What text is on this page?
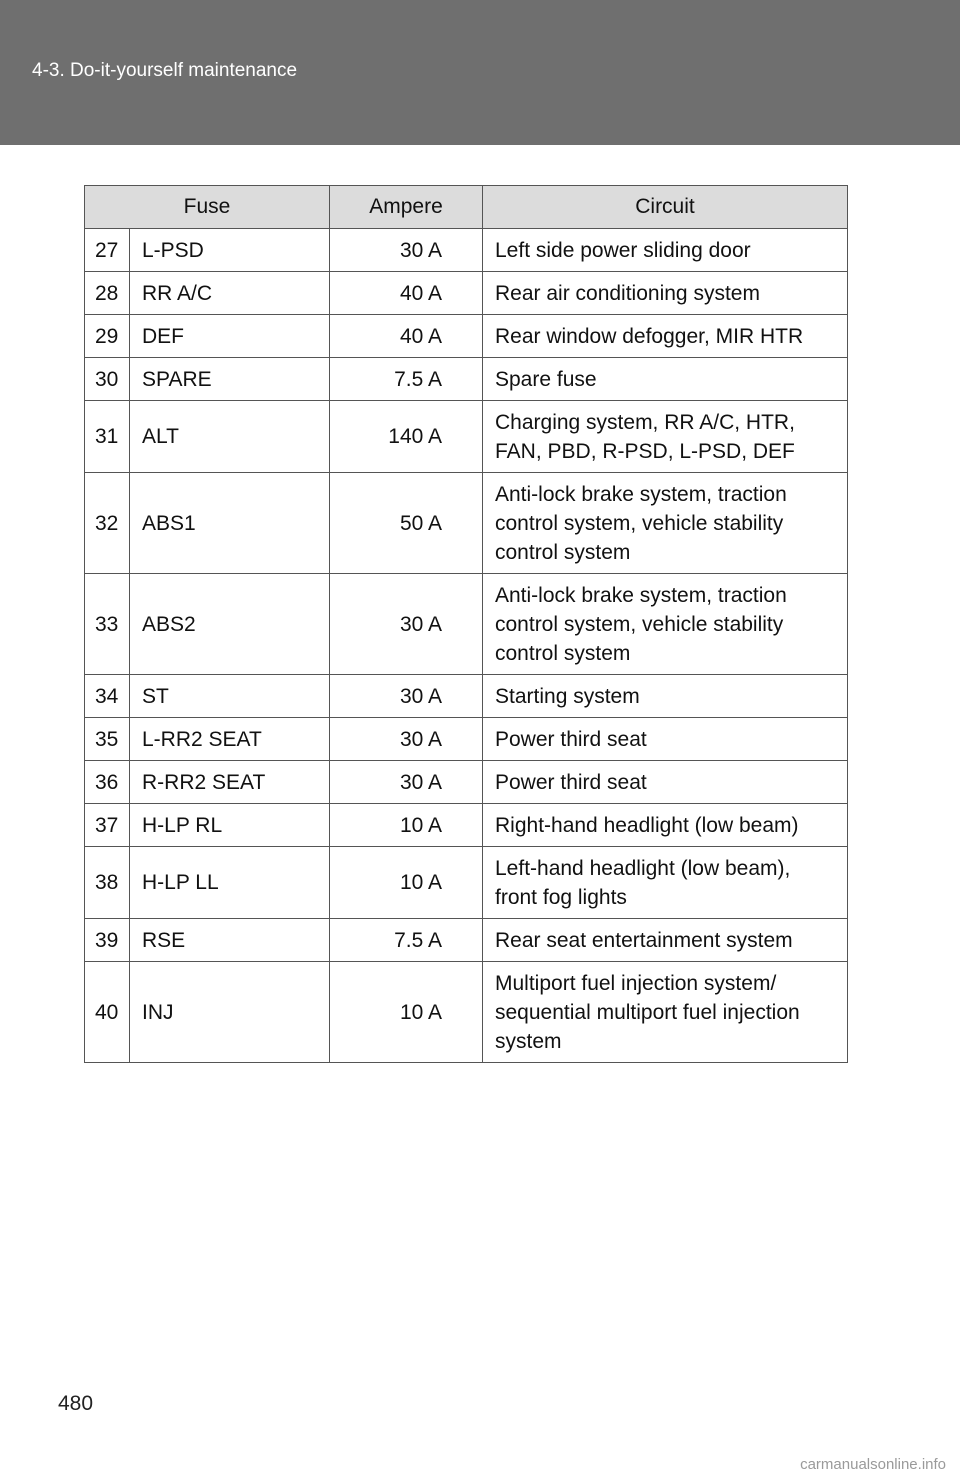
4-3. Do-it-yourself maintenance
Fuse		Ampere	Circuit
27	L-PSD	30 A	Left side power sliding door
28	RR A/C	40 A	Rear air conditioning system
29	DEF	40 A	Rear window defogger, MIR HTR
30	SPARE	7.5 A	Spare fuse
31	ALT	140 A	Charging system, RR A/C, HTR, FAN, PBD, R-PSD, L-PSD, DEF
32	ABS1	50 A	Anti-lock brake system, traction control system, vehicle stability control system
33	ABS2	30 A	Anti-lock brake system, traction control system, vehicle stability control system
34	ST	30 A	Starting system
35	L-RR2 SEAT	30 A	Power third seat
36	R-RR2 SEAT	30 A	Power third seat
37	H-LP RL	10 A	Right-hand headlight (low beam)
38	H-LP LL	10 A	Left-hand headlight (low beam), front fog lights
39	RSE	7.5 A	Rear seat entertainment system
40	INJ	10 A	Multiport fuel injection system/ sequential multiport fuel injection system
480
carmanualsonline.info
